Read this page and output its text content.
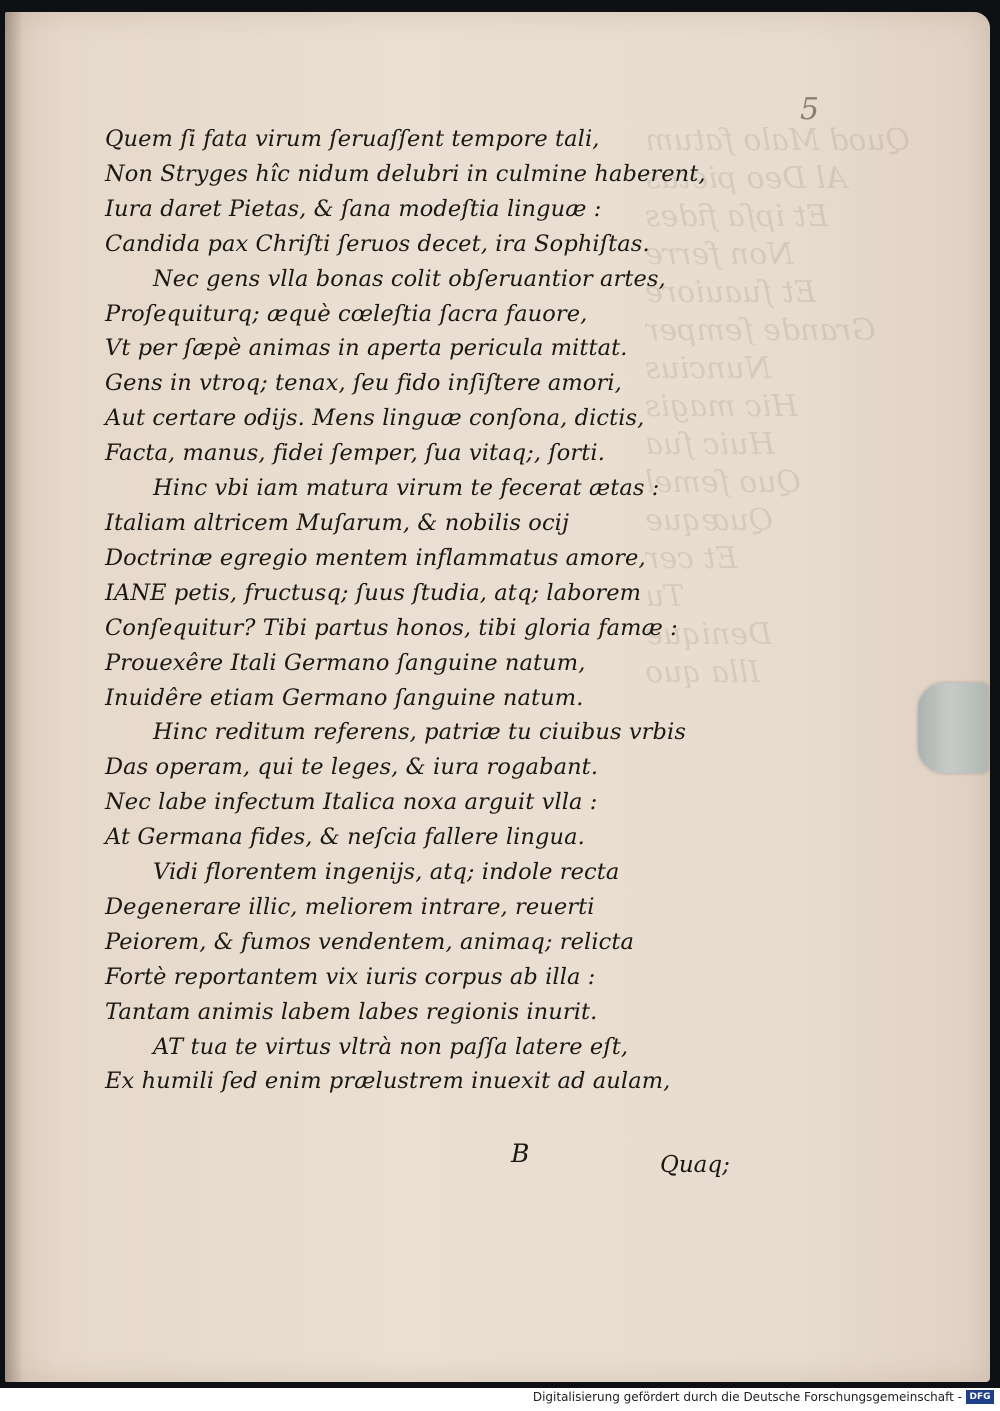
Quod Malo fatum
Al Deo pietas
Et ipſa fides
Non ferre
Et ſuauiore
Grande ſemper
Nuncius
Hic magis
Huic ſua
Quo ſemel
Quæque
Et cer
Tu
Denique
Illa quo
5
Quem ſi fata virum ſeruaſſent tempore tali,
Non Stryges hîc nidum delubri in culmine haberent,
Iura daret Pietas, & ſana modeſtia linguæ :
Candida pax Chriſti ſeruos decet, ira Sophiſtas.
Nec gens vlla bonas colit obſeruantior artes,
Proſequiturq; æquè cœleſtia ſacra fauore,
Vt per ſæpè animas in aperta pericula mittat.
Gens in vtroq; tenax, ſeu fido inſiſtere amori,
Aut certare odijs. Mens linguæ conſona, dictis,
Facta, manus, fidei ſemper, ſua vitaq;, ſorti.
Hinc vbi iam matura virum te fecerat ætas :
Italiam altricem Muſarum, & nobilis ocij
Doctrinæ egregio mentem inflammatus amore,
IANE petis, fructusq; ſuus ſtudia, atq; laborem
Conſequitur? Tibi partus honos, tibi gloria famæ :
Prouexêre Itali Germano ſanguine natum,
Inuidêre etiam Germano ſanguine natum.
Hinc reditum referens, patriæ tu ciuibus vrbis
Das operam, qui te leges, & iura rogabant.
Nec labe infectum Italica noxa arguit vlla :
At Germana fides, & neſcia fallere lingua.
Vidi florentem ingenijs, atq; indole recta
Degenerare illic, meliorem intrare, reuerti
Peiorem, & fumos vendentem, animaq; relicta
Fortè reportantem vix iuris corpus ab illa :
Tantam animis labem labes regionis inurit.
AT tua te virtus vltrà non paſſa latere eſt,
Ex humili ſed enim prælustrem inuexit ad aulam,
B	Quaq;
Digitalisierung gefördert durch die Deutsche Forschungsgemeinschaft - DFG
